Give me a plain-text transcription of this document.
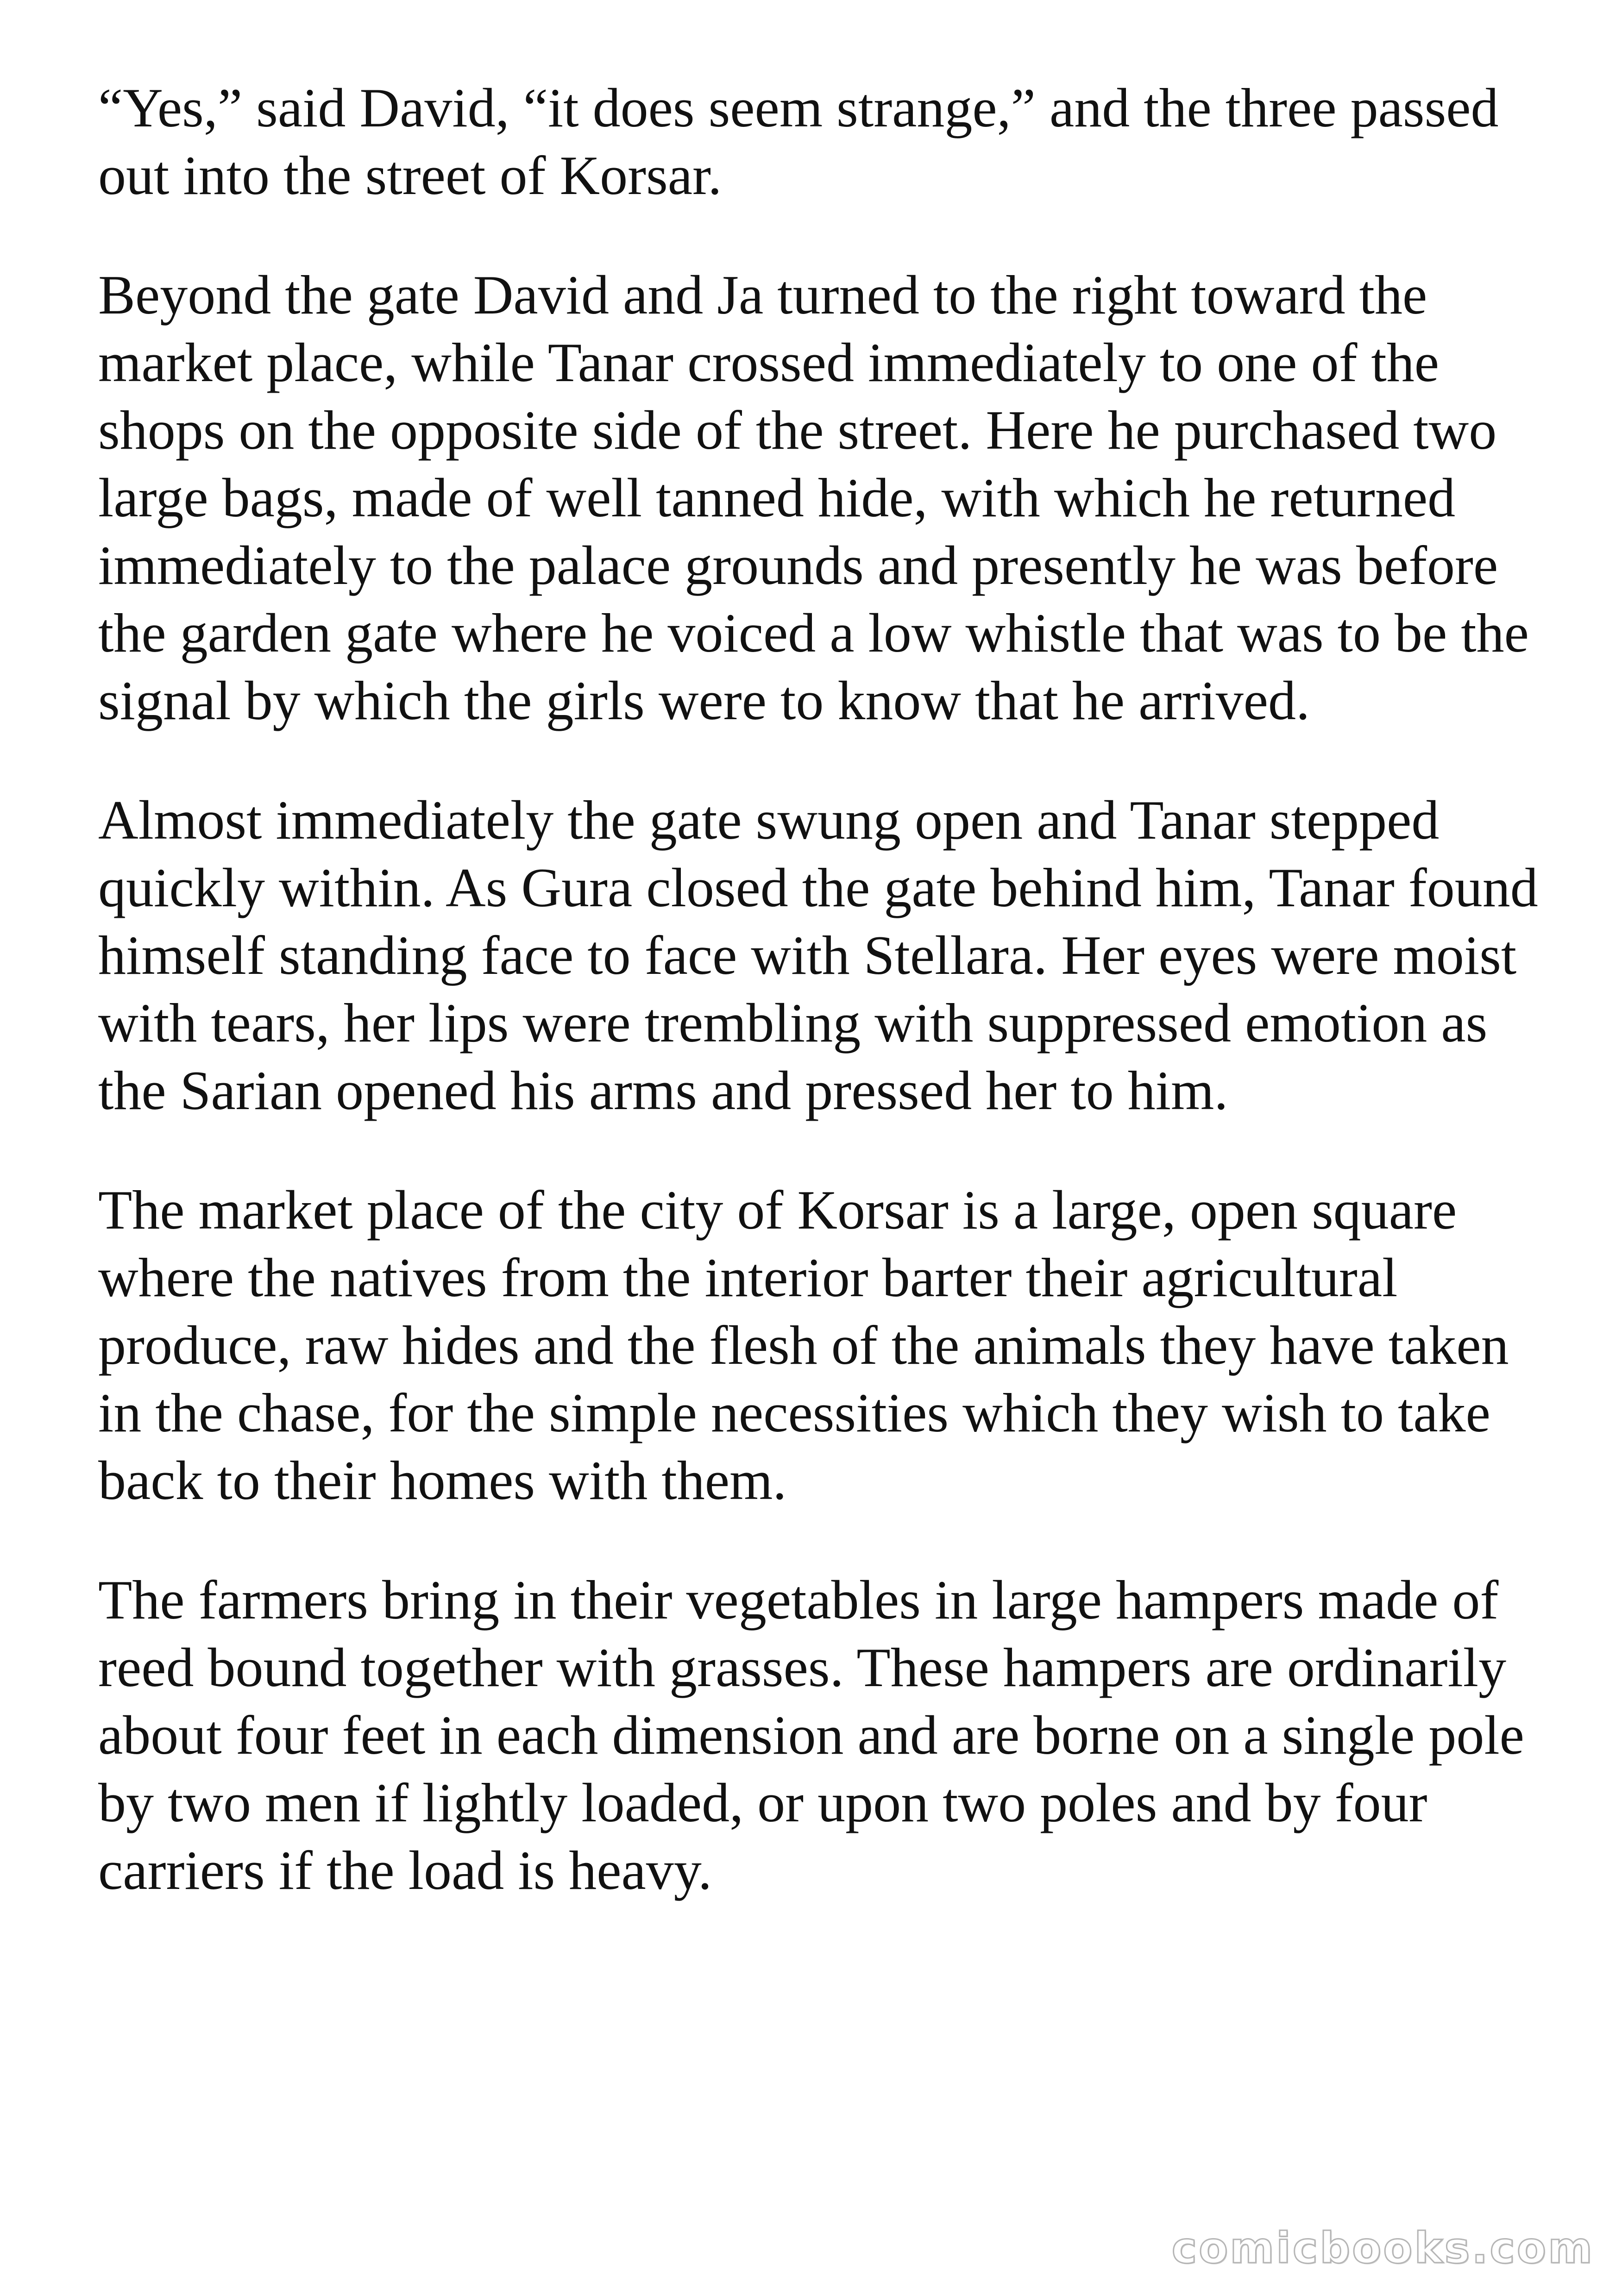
“Yes,” said David, “it does seem strange,” and the three passed out into the street of Korsar.

Beyond the gate David and Ja turned to the right toward the market place, while Tanar crossed immediately to one of the shops on the opposite side of the street. Here he purchased two large bags, made of well tanned hide, with which he returned immediately to the palace grounds and presently he was before the garden gate where he voiced a low whistle that was to be the signal by which the girls were to know that he arrived.

Almost immediately the gate swung open and Tanar stepped quickly within. As Gura closed the gate behind him, Tanar found himself standing face to face with Stellara. Her eyes were moist with tears, her lips were trembling with suppressed emotion as the Sarian opened his arms and pressed her to him.

The market place of the city of Korsar is a large, open square where the natives from the interior barter their agricultural produce, raw hides and the flesh of the animals they have taken in the chase, for the simple necessities which they wish to take back to their homes with them.

The farmers bring in their vegetables in large hampers made of reed bound together with grasses. These hampers are ordinarily about four feet in each dimension and are borne on a single pole by two men if lightly loaded, or upon two poles and by four carriers if the load is heavy.

comicbooks.com
